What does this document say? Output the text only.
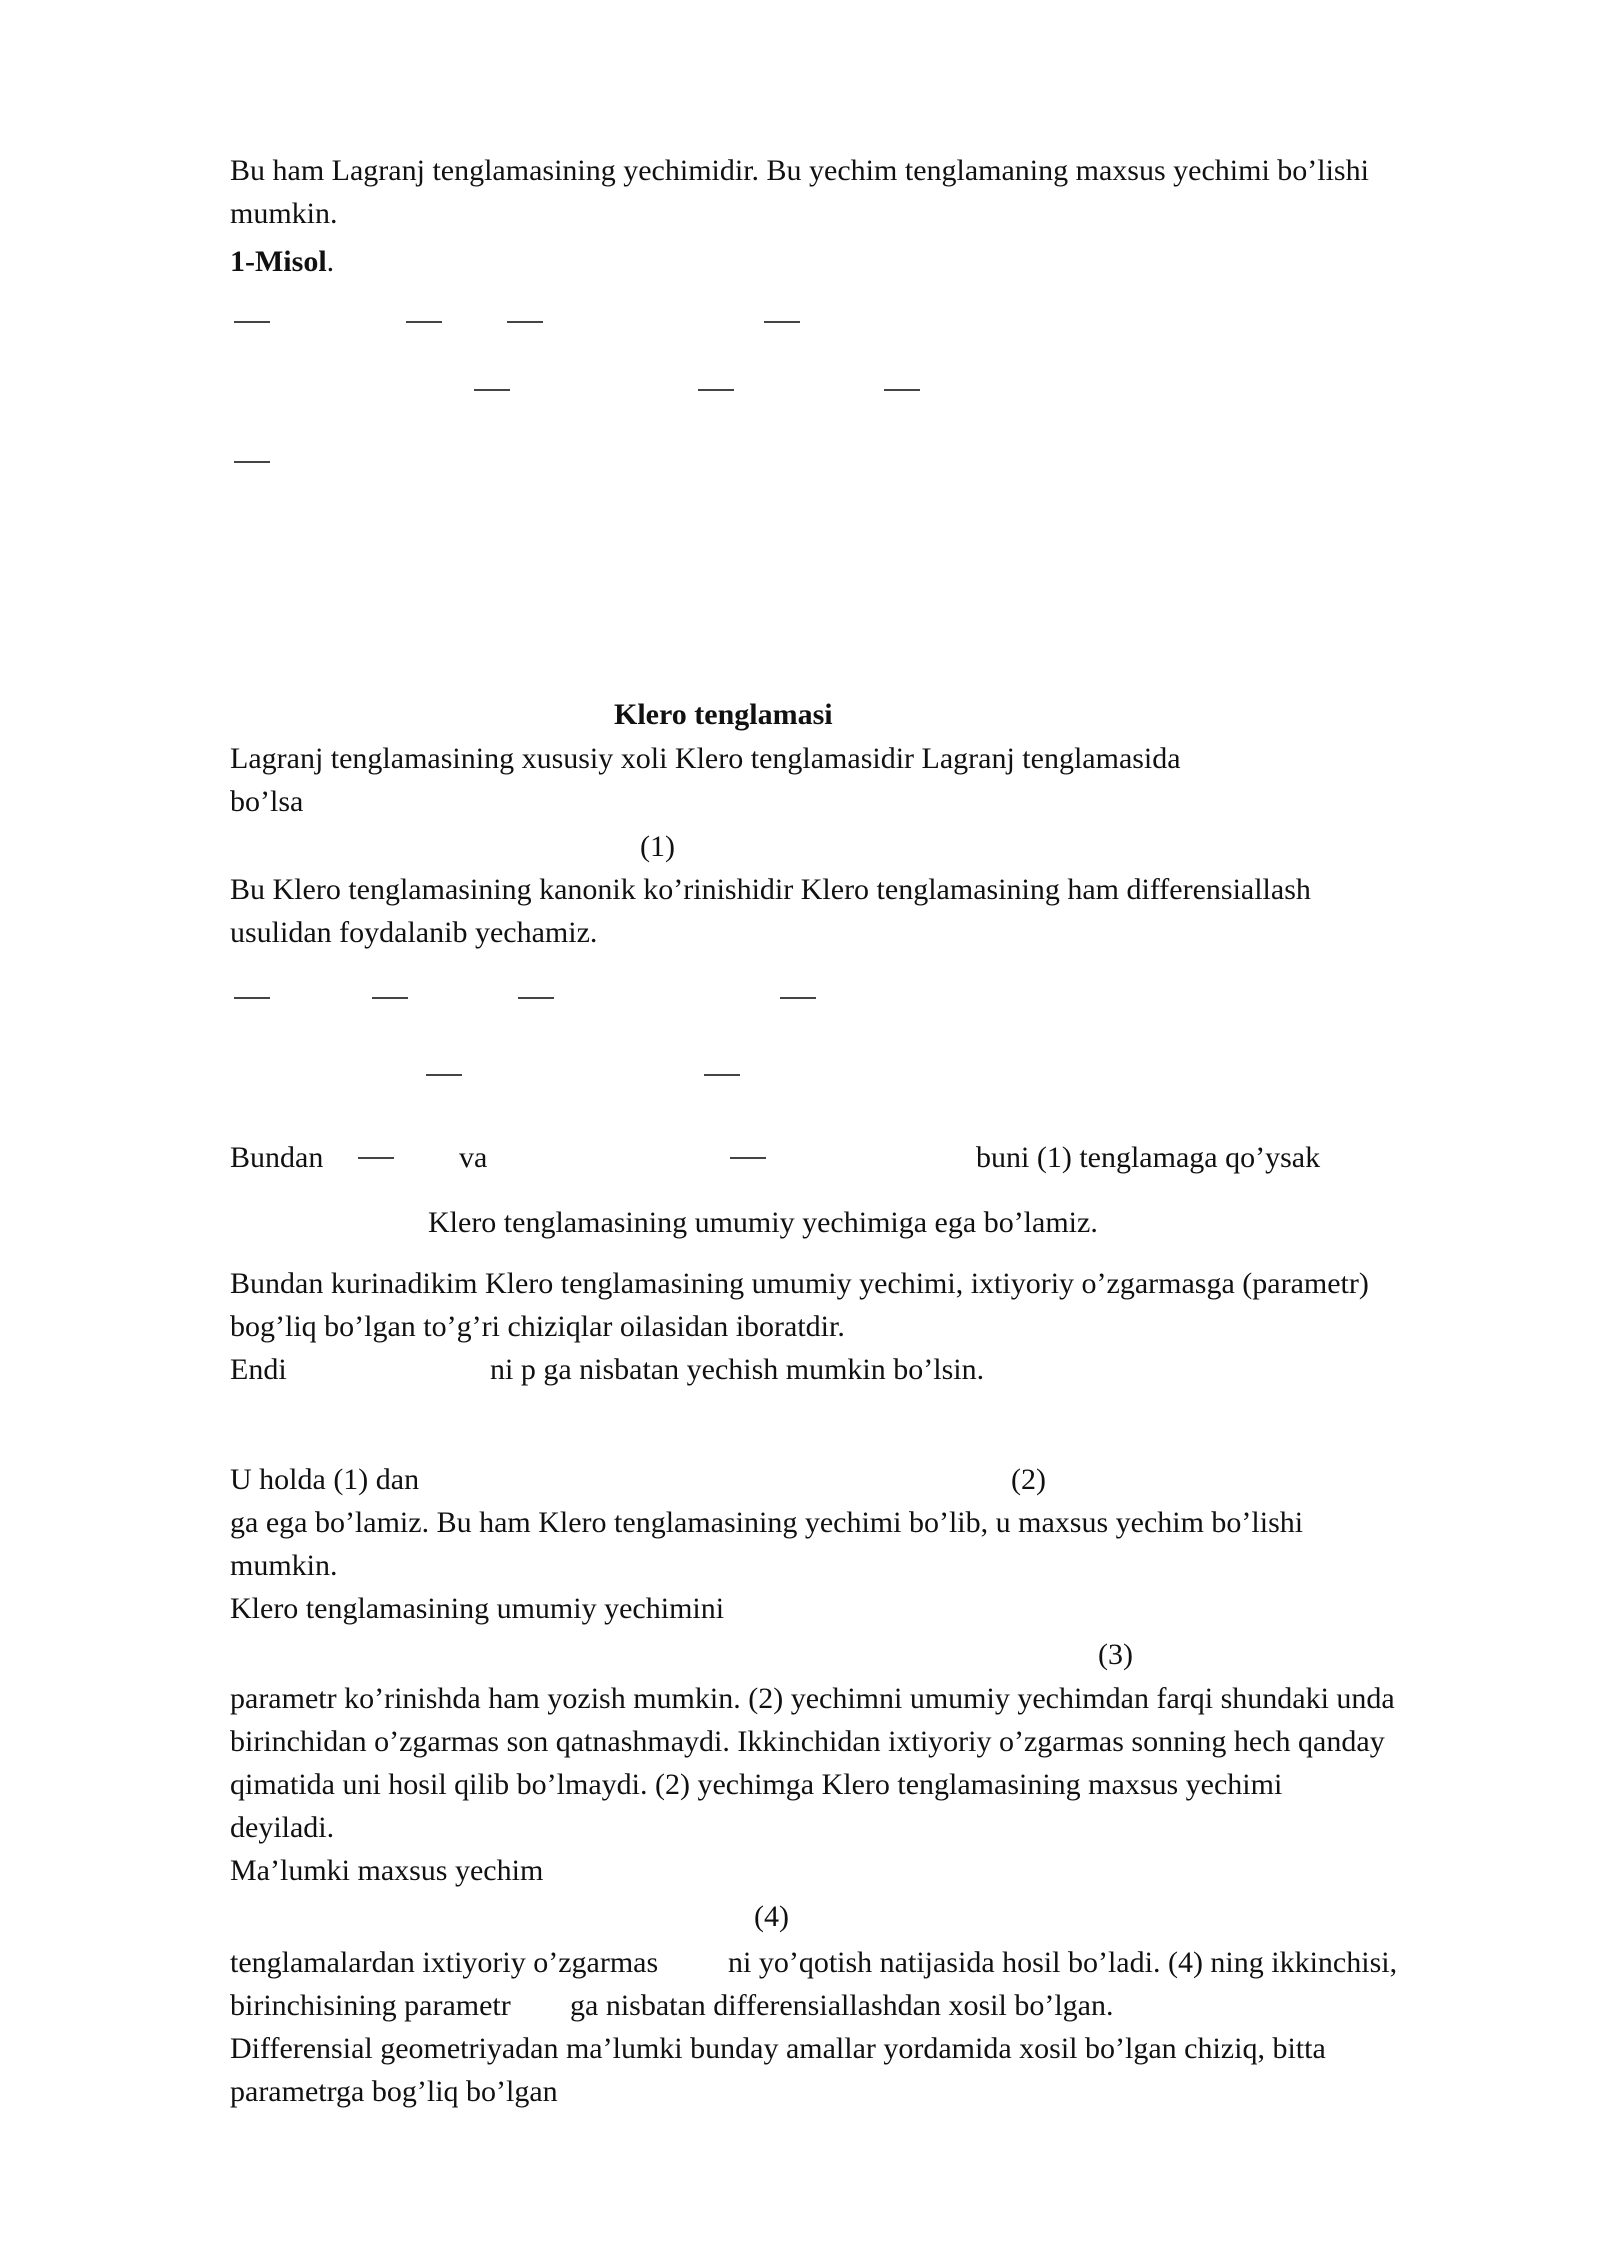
Bu ham Lagranj tenglamasining yechimidir. Bu yechim tenglamaning maxsus yechimi bo’lishi
mumkin.
1-Misol.
Klero tenglamasi
Lagranj tenglamasining xususiy xoli Klero tenglamasidir Lagranj tenglamasida
bo’lsa
(1)
Bu Klero tenglamasining kanonik ko’rinishidir Klero tenglamasining ham differensiallash
usulidan foydalanib yechamiz.
Bundan	va	buni (1) tenglamaga qo’ysak
Klero tenglamasining umumiy yechimiga ega bo’lamiz.
Bundan kurinadikim Klero tenglamasining umumiy yechimi, ixtiyoriy o’zgarmasga (parametr)
bog’liq bo’lgan to’g’ri chiziqlar oilasidan iboratdir.
Endi	ni p ga nisbatan yechish mumkin bo’lsin.
U holda (1) dan	(2)
ga ega bo’lamiz. Bu ham Klero tenglamasining yechimi bo’lib, u maxsus yechim bo’lishi
mumkin.
Klero tenglamasining umumiy yechimini
(3)
parametr ko’rinishda ham yozish mumkin. (2) yechimni umumiy yechimdan farqi shundaki unda
birinchidan o’zgarmas son qatnashmaydi. Ikkinchidan ixtiyoriy o’zgarmas sonning hech qanday
qimatida uni hosil qilib bo’lmaydi. (2) yechimga Klero tenglamasining maxsus yechimi
deyiladi.
Ma’lumki maxsus yechim
(4)
tenglamalardan ixtiyoriy o’zgarmas ni yo’qotish natijasida hosil bo’ladi. (4) ning ikkinchisi,
birinchisining parametr ga nisbatan differensiallashdan xosil bo’lgan.
Differensial geometriyadan ma’lumki bunday amallar yordamida xosil bo’lgan chiziq, bitta
parametrga bog’liq bo’lgan
